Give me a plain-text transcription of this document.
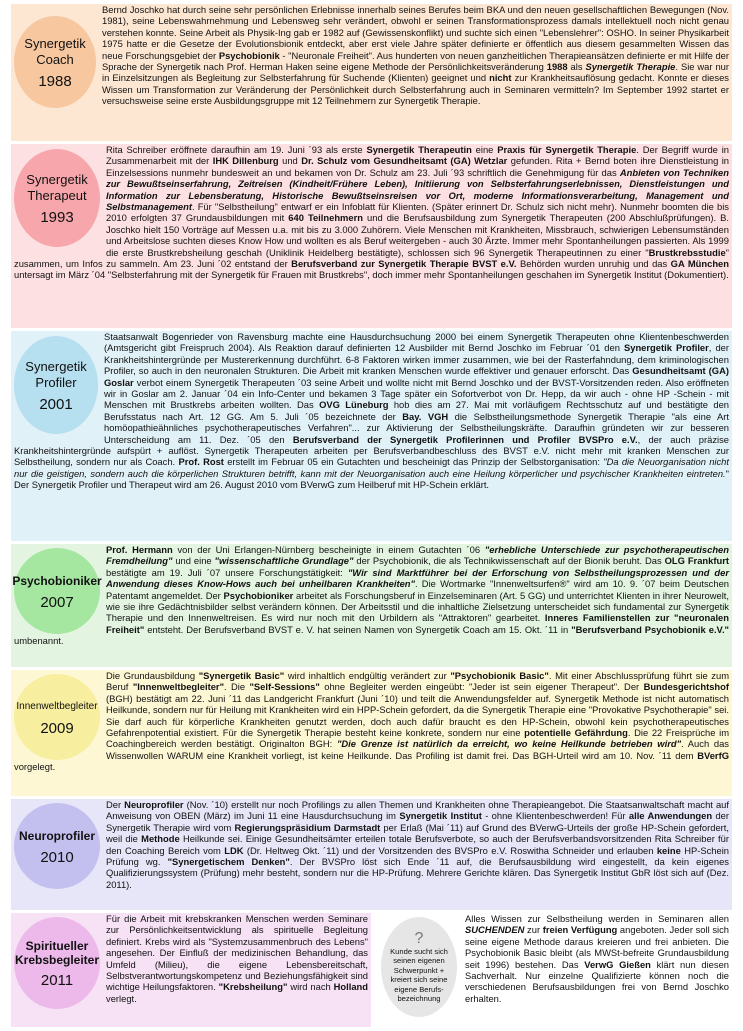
Synergetik
Coach
1988

Bernd Joschko hat durch seine sehr persönlichen Erlebnisse innerhalb seines Berufes beim BKA und den neuen gesellschaftlichen Bewegungen (Nov. 1981), seine Lebenswahrnehmung und Lebensweg sehr verändert, obwohl er seinen Transformationsprozess damals intellektuell noch nicht genau verstehen konnte. Seine Arbeit als Physik-Ing gab er 1982 auf (Gewissenskonflikt) und suchte sich einen "Lebenslehrer": OSHO. In seiner Physikarbeit 1975 hatte er die Gesetze der Evolutionsbionik entdeckt, aber erst viele Jahre später definierte er öffentlich aus diesem gesammelten Wissen das neue Forschungsgebiet der Psychobionik - "Neuronale Freiheit". Aus hunderten von neuen ganzheitlichen Therapieansätzen definierte er mit Hilfe der Sprache der Synergetik nach Prof. Herman Haken seine eigene Methode der Persönlichkeitsveränderung 1988 als Synergetik Therapie. Sie war nur in Einzelsitzungen als Begleitung zur Selbsterfahrung für Suchende (Klienten) geeignet und nicht zur Krankheitsauflösung gedacht. Konnte er dieses Wissen um Transformation zur Veränderung der Persönlichkeit durch Selbsterfahrung auch in Seminaren vermitteln? Im September 1992 startet er versuchsweise seine erste Ausbildungsgruppe mit 12 Teilnehmern zur Synergetik Therapie.

Synergetik
Therapeut
1993

Rita Schreiber eröffnete daraufhin am 19. Juni ´93 als erste Synergetik Therapeutin eine Praxis für Synergetik Therapie. Der Begriff wurde in Zusammenarbeit mit der IHK Dillenburg und Dr. Schulz vom Gesundheitsamt (GA) Wetzlar gefunden. Rita + Bernd boten ihre Dienstleistung in Einzelsessions nunmehr bundesweit an und bekamen von Dr. Schulz am 23. Juli ´93 schriftlich die Genehmigung für das Anbieten von Techniken zur Bewußtseinserfahrung, Zeitreisen (Kindheit/Frühere Leben), Initiierung von Selbsterfahrungserlebnissen, Dienstleistungen und Information zur Lebensberatung, Historische Bewußtseinsreisen vor Ort, moderne Informationsverarbeitung, Management und Selbstmanagement. Für "Selbstheilung" entwarf er ein Infoblatt für Klienten. (Später erinnert Dr. Schulz sich nicht mehr). Nunmehr boomten die bis 2010 erfolgten 37 Grundausbildungen mit 640 Teilnehmern und die Berufsausbildung zum Synergetik Therapeuten (200 Abschlußprüfungen). B. Joschko hielt 150 Vorträge auf Messen u.a. mit bis zu 3.000 Zuhörern. Viele Menschen mit Krankheiten, Missbrauch, schwierigen Lebensumständen und Arbeitslose suchten dieses Know How und wollten es als Beruf weitergeben - auch 30 Ärzte. Immer mehr Spontanheilungen passierten. Als 1999 die erste Brustkrebsheilung geschah (Uniklinik Heidelberg bestätigte), schlossen sich 96 Synergetik Therapeutinnen zu einer "Brustkrebsstudie" zusammen, um Infos zu sammeln. Am 23. Juni ´02 entstand der Berufsverband zur Synergetik Therapie BVST e.V. Behörden wurden unruhig und das GA München untersagt im März ´04 "Selbsterfahrung mit der Synergetik für Frauen mit Brustkrebs", doch immer mehr Spontanheilungen geschahen im Synergetik Institut (Dokumentiert).

Synergetik
Profiler
2001

Staatsanwalt Bogenrieder von Ravensburg machte eine Hausdurchsuchung 2000 bei einem Synergetik Therapeuten ohne Klientenbeschwerden (Amtsgericht gibt Freispruch 2004). Als Reaktion darauf definierten 12 Ausbilder mit Bernd Joschko im Februar ´01 den Synergetik Profiler, der Krankheitshintergründe per Mustererkennung durchführt. 6-8 Faktoren wirken immer zusammen, wie bei der Rasterfahndung, dem kriminologischen Profiler, so auch in den neuronalen Strukturen. Die Arbeit mit kranken Menschen wurde effektiver und genauer erforscht. Das Gesundheitsamt (GA) Goslar verbot einem Synergetik Therapeuten ´03 seine Arbeit und wollte nicht mit Bernd Joschko und der BVST-Vorsitzenden reden. Also eröffneten wir in Goslar am 2. Januar ´04 ein Info-Center und bekamen 3 Tage später ein Sofortverbot von Dr. Hepp, da wir auch - ohne HP -Schein - mit Menschen mit Brustkrebs arbeiten wollten. Das OVG Lüneburg hob dies am 27. Mai mit vorläufigem Rechtsschutz auf und bestätigte den Berufsstatus nach Art. 12 GG. Am 5. Juli ´05 bezeichnete der Bay. VGH die Selbstheilungsmethode Synergetik Therapie "als eine Art homöopathieähnliches psychotherapeutisches Verfahren"... zur Aktivierung der Selbstheilungskräfte. Daraufhin gründeten wir zur besseren Unterscheidung am 11. Dez. ´05 den Berufsverband der Synergetik Profilerinnen und Profiler BVSPro e.V., der auch präzise Krankheitshintergründe aufspürt + auflöst. Synergetik Therapeuten arbeiten per Berufsverbandbeschluss des BVST e.V. nicht mehr mit kranken Menschen zur Selbstheilung, sondern nur als Coach. Prof. Rost erstellt im Februar 05 ein Gutachten und bescheinigt das Prinzip der Selbstorganisation: "Da die Neuorganisation nicht nur die geistigen, sondern auch die körperlichen Strukturen betrifft, kann mit der Neuorganisation auch eine Heilung körperlicher und psychischer Krankheiten eintreten." Der Synergetik Profiler und Therapeut wird am 26. August 2010 vom BVerwG zum Heilberuf mit HP-Schein erklärt.

Psychobioniker
2007

Prof. Hermann von der Uni Erlangen-Nürnberg bescheinigte in einem Gutachten ´06 "erhebliche Unterschiede zur psychotherapeutischen Fremdheilung" und eine "wissenschaftliche Grundlage" der Psychobionik, die als Technikwissenschaft auf der Bionik beruht. Das OLG Frankfurt bestätigte am 19. Juli ´07 unsere Forschungstätigkeit: "Wir sind Marktführer bei der Erforschung von Selbstheilungsprozessen und der Anwendung dieses Know-Hows auch bei unheilbaren Krankheiten". Die Wortmarke "Innenweltsurfen®" wird am 10. 9. ´07 beim Deutschen Patentamt angemeldet. Der Psychobioniker arbeitet als Forschungsberuf in Einzelseminaren (Art. 5 GG) und unterrichtet Klienten in ihrer Neurowelt, wie sie ihre Gedächtnisbilder selbst verändern können. Der Arbeitsstil und die inhaltliche Zielsetzung unterscheidet sich fundamental zur Synergetik Therapie und den Innenweltreisen. Es wird nur noch mit den Urbildern als "Attraktoren" gearbeitet. Inneres Familienstellen zur "neuronalen Freiheit" entsteht. Der Berufsverband BVST e. V. hat seinen Namen von Synergetik Coach am 15. Okt. ´11 in "Berufsverband Psychobionik e.V." umbenannt.

Innenweltbegleiter
2009

Die Grundausbildung "Synergetik Basic" wird inhaltlich endgültig verändert zur "Psychobionik Basic". Mit einer Abschlussprüfung führt sie zum Beruf "Innenweltbegleiter". Die "Self-Sessions" ohne Begleiter werden eingeübt: "Jeder ist sein eigener Therapeut". Der Bundesgerichtshof (BGH) bestätigt am 22. Juni ´11 das Landgericht Frankfurt (Juni ´10) und teilt die Anwendungsfelder auf. Synergetik Methode ist nicht automatisch Heilkunde, sondern nur für Heilung mit Krankheiten wird ein HPP-Schein gefordert, da die Synergetik Therapie eine "Provokative Psychotherapie" sei. Sie darf auch für körperliche Krankheiten genutzt werden, doch auch dafür braucht es den HP-Schein, obwohl kein psychotherapeutisches Gefahrenpotential existiert. Für die Synergetik Therapie besteht keine konkrete, sondern nur eine potentielle Gefährdung. Die 22 Freisprüche im Coachingbereich werden bestätigt. Originalton BGH: "Die Grenze ist natürlich da erreicht, wo keine Heilkunde betrieben wird". Auch das Wissenwollen WARUM eine Krankheit vorliegt, ist keine Heilkunde. Das Profiling ist damit frei. Das BGH-Urteil wird am 10. Nov. ´11 dem BVerfG vorgelegt.

Neuroprofiler
2010

Der Neuroprofiler (Nov. ´10) erstellt nur noch Profilings zu allen Themen und Krankheiten ohne Therapieangebot. Die Staatsanwaltschaft macht auf Anweisung von OBEN (März) im Juni 11 eine Hausdurchsuchung im Synergetik Institut - ohne Klientenbeschwerden! Für alle Anwendungen der Synergetik Therapie wird vom Regierungspräsidium Darmstadt per Erlaß (Mai ´11) auf Grund des BVerwG-Urteils der große HP-Schein gefordert, weil die Methode Heilkunde sei. Einige Gesundheitsämter erteilen totale Berufsverbote, so auch der Berufsverbandsvorsitzenden Rita Schreiber für den Coaching Bereich vom LDK (Dr. Heltweg Okt. ´11) und der Vorsitzenden des BVSPro e.V. Roswitha Schneider und erlauben keine HP-Schein Prüfung wg. "Synergetischem Denken". Der BVSPro löst sich Ende ´11 auf, die Berufsausbildung wird eingestellt, da kein eigenes Qualifizierungssystem (Prüfung) mehr besteht, sondern nur die HP-Prüfung. Mehrere Gerichte klären. Das Synergetik Institut GbR löst sich auf (Dez. 2011).

Spiritueller
Krebsbegleiter
2011

Für die Arbeit mit krebskranken Menschen werden Seminare zur Persönlichkeitsentwicklung als spirituelle Begleitung definiert. Krebs wird als "Systemzusammenbruch des Lebens" angesehen. Der Einfluß der medizinischen Behandlung, das Umfeld (Milieu), die eigene Lebensbereitschaft, Selbstverantwortungskompetenz und Beziehungsfähigkeit sind wichtige Heilungsfaktoren. "Krebsheilung" wird nach Holland verlegt.

?
Kunde sucht sich
seinen eigenen
Schwerpunkt +
kreiert sich seine
eigene Berufs-
bezeichnung

Alles Wissen zur Selbstheilung werden in Seminaren allen SUCHENDEN zur freien Verfügung angeboten. Jeder soll sich seine eigene Methode daraus kreieren und frei anbieten. Die Psychobionik Basic bleibt (als MWSt-befreite Grundausbildung seit 1996) bestehen. Das VerwG Gießen klärt nun diesen Sachverhalt. Nur einzelne Qualifizierte können noch die verschiedenen Berufsausbildungen frei von Bernd Joschko erhalten.
